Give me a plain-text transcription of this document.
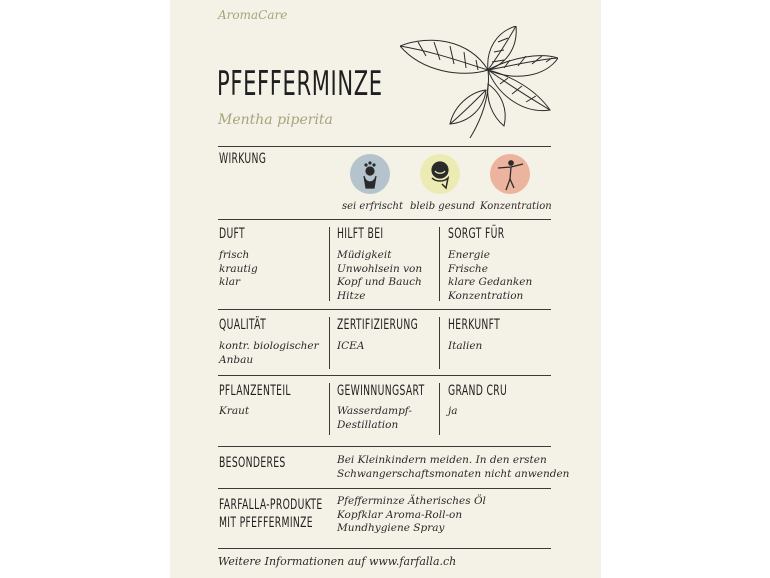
AromaCare
PFEFFERMINZE
Mentha piperita
WIRKUNG
sei erfrischt bleib gesund Konzentration
DUFT
frisch
krautig
klar
HILFT BEI
Müdigkeit
Unwohlsein von
Kopf und Bauch
Hitze
SORGT FÜR
Energie
Frische
klare Gedanken
Konzentration
QUALITÄT
kontr. biologischer
Anbau
ZERTIFIZIERUNG
ICEA
HERKUNFT
Italien
PFLANZENTEIL
Kraut
GEWINNUNGSART
Wasserdampf-
Destillation
GRAND CRU
ja
BESONDERES	Bei Kleinkindern meiden. In den ersten
Schwangerschaftsmonaten nicht anwenden
FARFALLA-PRODUKTE
MIT PFEFFERMINZE
Pfefferminze Ätherisches Öl
Kopfklar Aroma-Roll-on
Mundhygiene Spray
Weitere Informationen auf www.farfalla.ch
